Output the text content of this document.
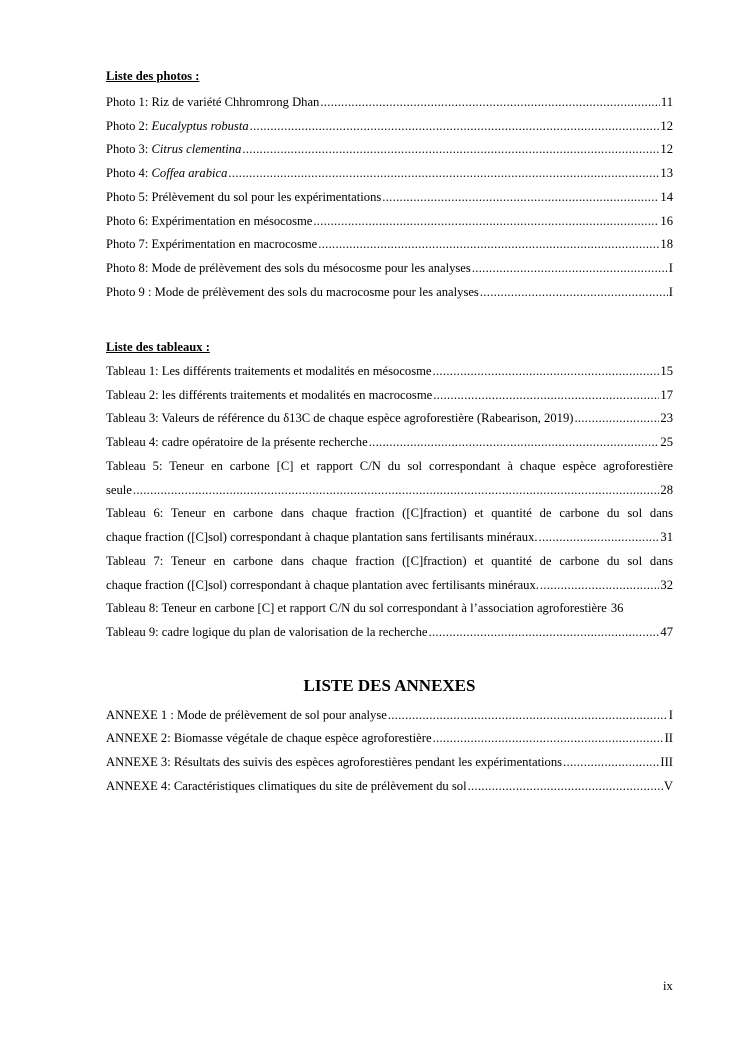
Liste des photos :
Photo 1: Riz de variété Chhromrong Dhan .....	11
Photo 2: Eucalyptus robusta .....	12
Photo 3: Citrus clementina .....	12
Photo 4: Coffea arabica .....	13
Photo 5: Prélèvement du sol pour les expérimentations .....	14
Photo 6: Expérimentation en mésocosme .....	16
Photo 7: Expérimentation en macrocosme .....	18
Photo 8: Mode de prélèvement des sols du mésocosme pour les analyses .....	I
Photo 9 : Mode de prélèvement des sols du macrocosme pour les analyses .....	I
Liste des tableaux :
Tableau 1: Les différents traitements et modalités en mésocosme .....	15
Tableau 2: les différents traitements et modalités en macrocosme .....	17
Tableau 3: Valeurs de référence du δ13C de chaque espèce agroforestière (Rabearison, 2019) .....	23
Tableau 4: cadre opératoire de la présente recherche .....	25
Tableau 5: Teneur en carbone [C] et rapport C/N du sol correspondant à chaque espèce agroforestière
seule .....	28
Tableau 6: Teneur en carbone dans chaque fraction ([C]fraction) et quantité de carbone du sol dans
chaque fraction ([C]sol) correspondant à chaque plantation sans fertilisants minéraux. .....	31
Tableau 7: Teneur en carbone dans chaque fraction ([C]fraction) et quantité de carbone du sol dans
chaque fraction ([C]sol) correspondant à chaque plantation avec fertilisants minéraux. .....	32
Tableau 8: Teneur en carbone [C] et rapport C/N du sol correspondant à l’association agroforestière 36
Tableau 9: cadre logique du plan de valorisation de la recherche .....	47
LISTE DES ANNEXES
ANNEXE 1 : Mode de prélèvement de sol pour analyse .....	I
ANNEXE 2: Biomasse végétale de chaque espèce agroforestière .....	II
ANNEXE 3: Résultats des suivis des espèces agroforestières pendant les expérimentations .....	III
ANNEXE 4: Caractéristiques climatiques du site de prélèvement du sol .....	V
ix
